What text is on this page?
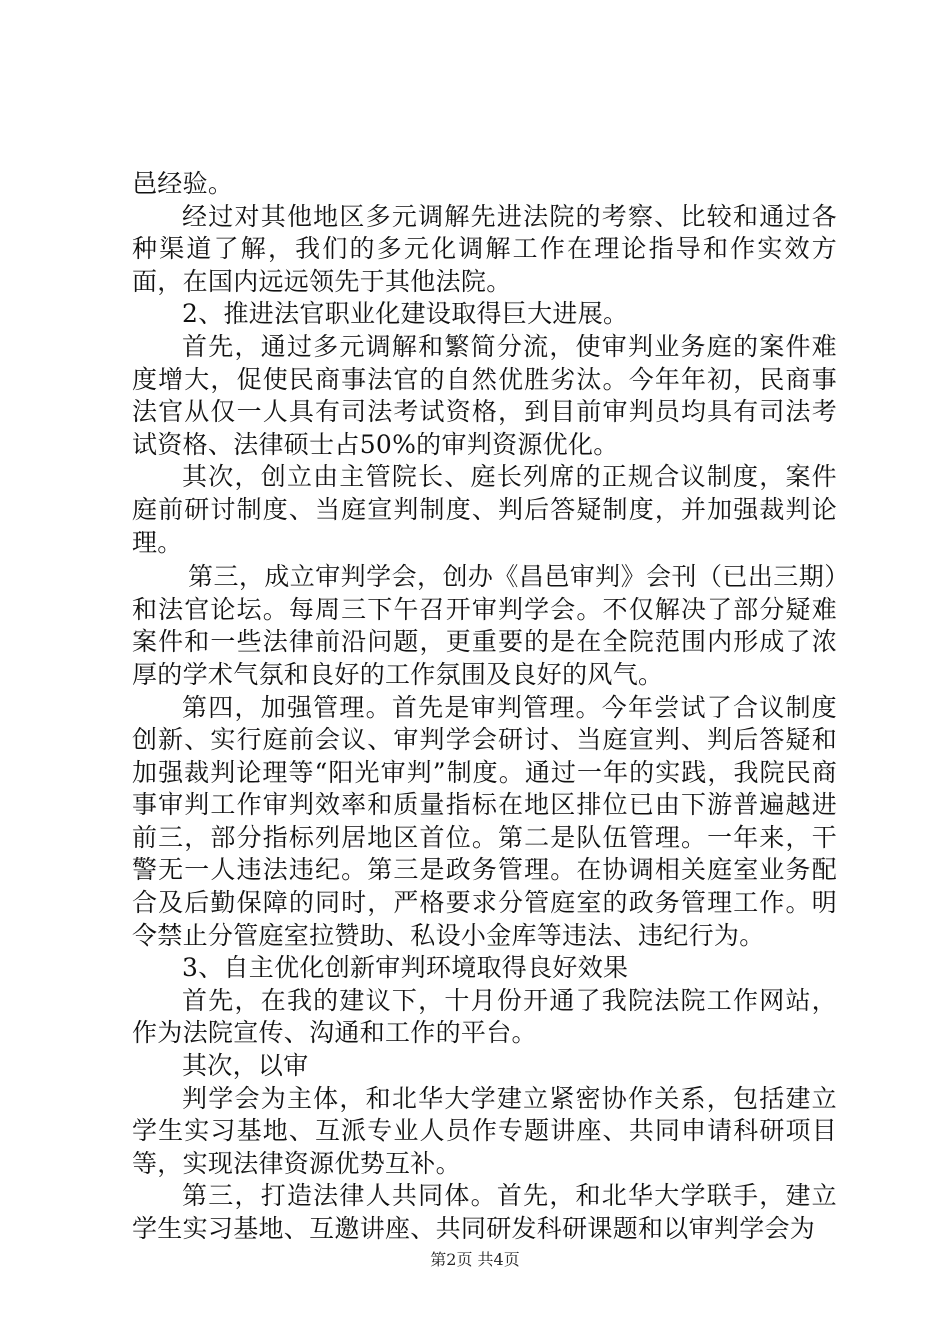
邑经验。

经过对其他地区多元调解先进法院的考察、比较和通过各种渠道了解，我们的多元化调解工作在理论指导和作实效方面，在国内远远领先于其他法院。

2、推进法官职业化建设取得巨大进展。

首先，通过多元调解和繁简分流，使审判业务庭的案件难度增大，促使民商事法官的自然优胜劣汰。今年年初，民商事法官从仅一人具有司法考试资格，到目前审判员均具有司法考试资格、法律硕士占50%的审判资源优化。

其次，创立由主管院长、庭长列席的正规合议制度，案件庭前研讨制度、当庭宣判制度、判后答疑制度，并加强裁判论理。

第三，成立审判学会，创办《昌邑审判》会刊（已出三期）和法官论坛。每周三下午召开审判学会。不仅解决了部分疑难案件和一些法律前沿问题，更重要的是在全院范围内形成了浓厚的学术气氛和良好的工作氛围及良好的风气。

第四，加强管理。首先是审判管理。今年尝试了合议制度创新、实行庭前会议、审判学会研讨、当庭宣判、判后答疑和加强裁判论理等“阳光审判”制度。通过一年的实践，我院民商事审判工作审判效率和质量指标在地区排位已由下游普遍越进前三，部分指标列居地区首位。第二是队伍管理。一年来，干警无一人违法违纪。第三是政务管理。在协调相关庭室业务配合及后勤保障的同时，严格要求分管庭室的政务管理工作。明令禁止分管庭室拉赞助、私设小金库等违法、违纪行为。

3、自主优化创新审判环境取得良好效果

首先，在我的建议下，十月份开通了我院法院工作网站，作为法院宣传、沟通和工作的平台。

其次，以审

判学会为主体，和北华大学建立紧密协作关系，包括建立学生实习基地、互派专业人员作专题讲座、共同申请科研项目等，实现法律资源优势互补。

第三，打造法律人共同体。首先，和北华大学联手，建立学生实习基地、互邀讲座、共同研发科研课题和以审判学会为

第2页 共4页
